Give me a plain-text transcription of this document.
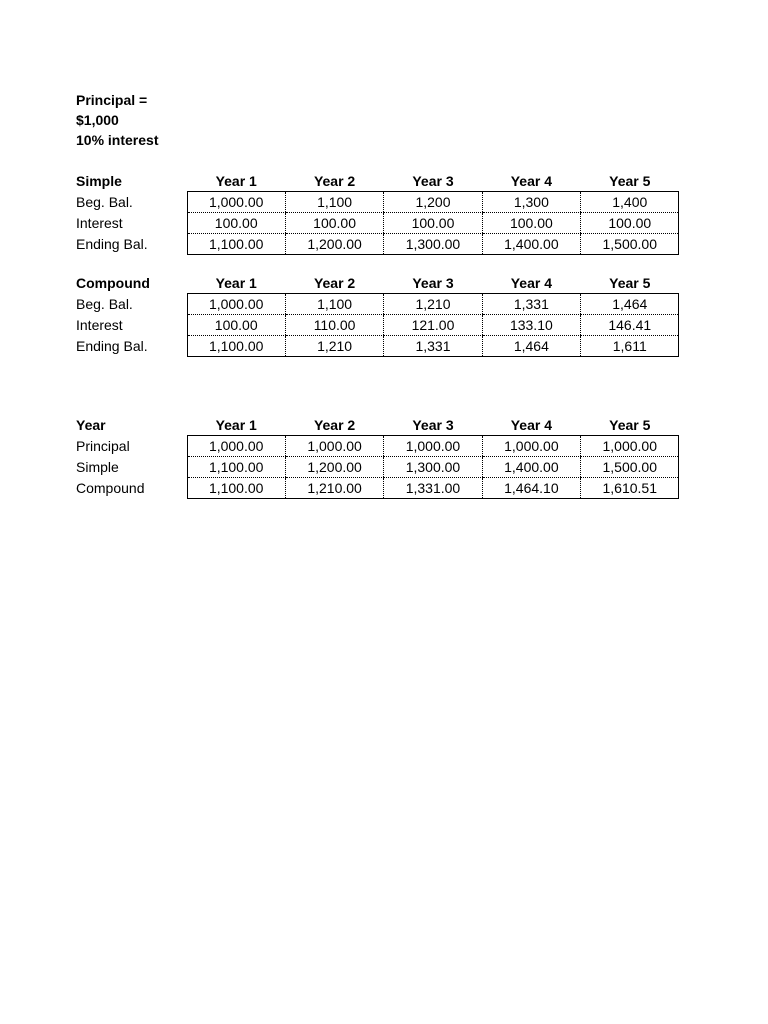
Principal =
$1,000
10% interest
Simple	Year 1	Year 2	Year 3	Year 4	Year 5
Beg. Bal.	1,000.00	1,100	1,200	1,300	1,400
Interest	100.00	100.00	100.00	100.00	100.00
Ending Bal.	1,100.00	1,200.00	1,300.00	1,400.00	1,500.00
Compound	Year 1	Year 2	Year 3	Year 4	Year 5
Beg. Bal.	1,000.00	1,100	1,210	1,331	1,464
Interest	100.00	110.00	121.00	133.10	146.41
Ending Bal.	1,100.00	1,210	1,331	1,464	1,611
Year	Year 1	Year 2	Year 3	Year 4	Year 5
Principal	1,000.00	1,000.00	1,000.00	1,000.00	1,000.00
Simple	1,100.00	1,200.00	1,300.00	1,400.00	1,500.00
Compound	1,100.00	1,210.00	1,331.00	1,464.10	1,610.51
